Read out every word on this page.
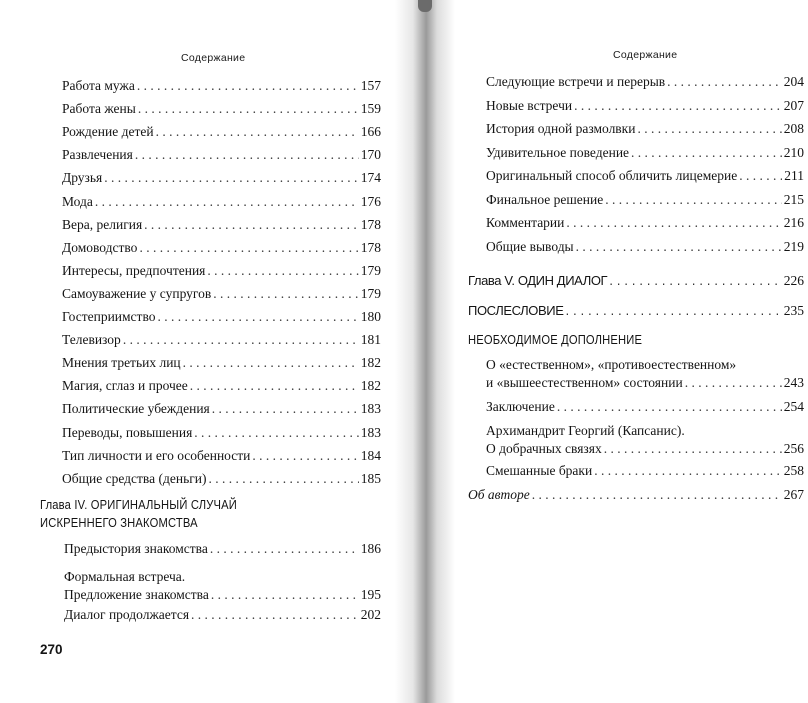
Содержание
Работа мужа . . .	157
Работа жены . . .	159
Рождение детей . . .	166
Развлечения . . .	170
Друзья . . .	174
Мода . . .	176
Вера, религия . . .	178
Домоводство . . .	178
Интересы, предпочтения . . .	179
Самоуважение у супругов . . .	179
Гостеприимство . . .	180
Телевизор . . .	181
Мнения третьих лиц . . .	182
Магия, сглаз и прочее . . .	182
Политические убеждения . . .	183
Переводы, повышения . . .	183
Тип личности и его особенности . . .	184
Общие средства (деньги) . . .	185
Глава IV. ОРИГИНАЛЬНЫЙ СЛУЧАЙ
ИСКРЕННЕГО ЗНАКОМСТВА
Предыстория знакомства . . .	186
Формальная встреча.
Предложение знакомства . . .	195
Диалог продолжается . . .	202
270
Содержание
Следующие встречи и перерыв . . .	204
Новые встречи . . .	207
История одной размолвки . . .	208
Удивительное поведение . . .	210
Оригинальный способ обличить лицемерие . . .	211
Финальное решение . . .	215
Комментарии . . .	216
Общие выводы . . .	219
Глава V. ОДИН ДИАЛОГ . . .	226
ПОСЛЕСЛОВИЕ . . .	235
НЕОБХОДИМОЕ ДОПОЛНЕНИЕ
О «естественном», «противоестественном»
и «вышеестественном» состоянии . . .	243
Заключение . . .	254
Архимандрит Георгий (Капсанис).
О добрачных связях . . .	256
Смешанные браки . . .	258
Об авторе . . .	267
